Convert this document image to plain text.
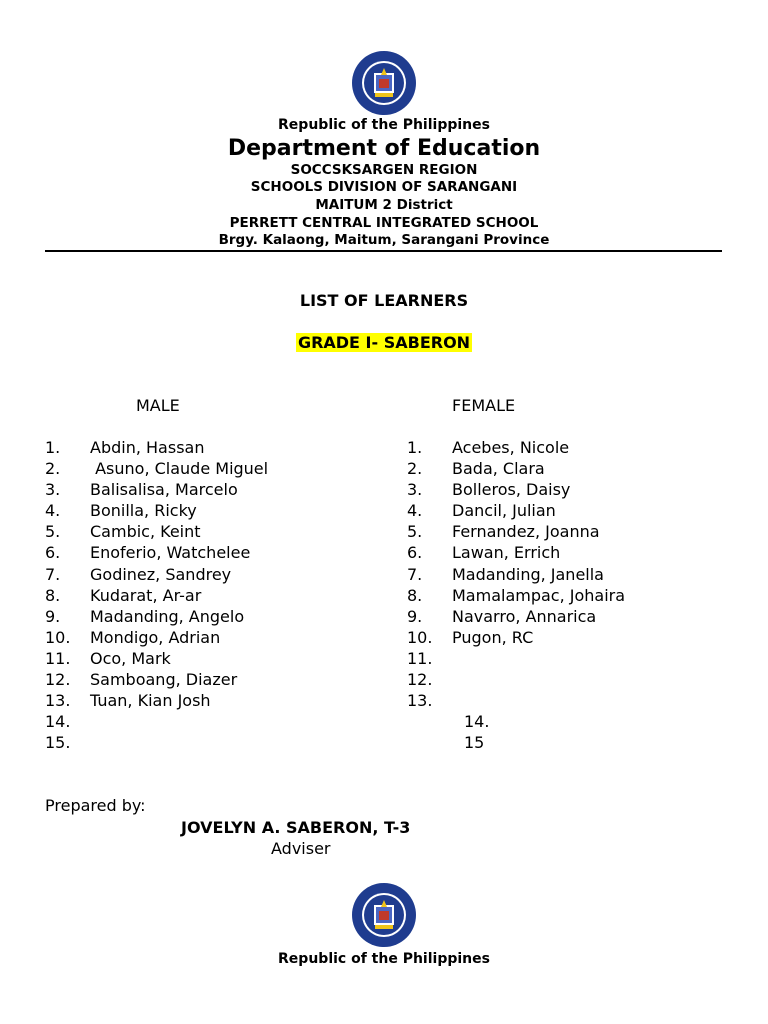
Republic of the Philippines
Department of Education
SOCCSKSARGEN REGION
SCHOOLS DIVISION OF SARANGANI
MAITUM 2 District
PERRETT CENTRAL INTEGRATED SCHOOL
Brgy. Kalaong, Maitum, Sarangani Province
LIST OF LEARNERS
GRADE I- SABERON
MALE	FEMALE
1. Abdin, Hassan
2. Asuno, Claude Miguel
3. Balisalisa, Marcelo
4. Bonilla, Ricky
5. Cambic, Keint
6. Enoferio, Watchelee
7. Godinez, Sandrey
8. Kudarat, Ar-ar
9. Madanding, Angelo
10. Mondigo, Adrian
11. Oco, Mark
12. Samboang, Diazer
13. Tuan, Kian Josh
14.
15.
1. Acebes, Nicole
2. Bada, Clara
3. Bolleros, Daisy
4. Dancil, Julian
5. Fernandez, Joanna
6. Lawan, Errich
7. Madanding, Janella
8. Mamalampac, Johaira
9. Navarro, Annarica
10. Pugon, RC
11.
12.
13.
14.
15
Prepared by:
JOVELYN A. SABERON, T-3
Adviser
Republic of the Philippines
